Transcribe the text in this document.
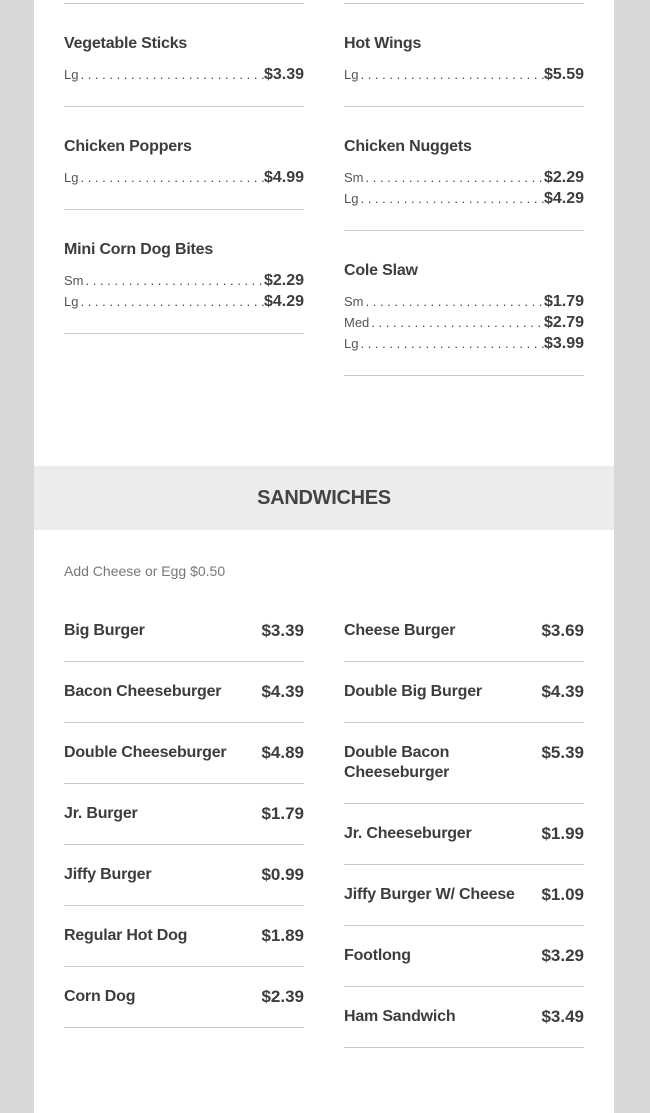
Vegetable Sticks
Lg . . .	$3.39
Chicken Poppers
Lg . . .	$4.99
Mini Corn Dog Bites
Sm . . .	$2.29
Lg . . .	$4.29
Hot Wings
Lg . . .	$5.59
Chicken Nuggets
Sm . . .	$2.29
Lg . . .	$4.29
Cole Slaw
Sm . . .	$1.79
Med . . .	$2.79
Lg . . .	$3.99
SANDWICHES
Add Cheese or Egg $0.50
Big Burger	$3.39
Bacon Cheeseburger $4.39
Double Cheeseburger $4.89
Jr. Burger	$1.79
Jiffy Burger	$0.99
Regular Hot Dog	$1.89
Corn Dog	$2.39
Cheese Burger	$3.69
Double Big Burger	$4.39
Double Bacon Cheeseburger
$5.39
Jr. Cheeseburger	$1.99
Jiffy Burger W/ Cheese $1.09
Footlong	$3.29
Ham Sandwich	$3.49
